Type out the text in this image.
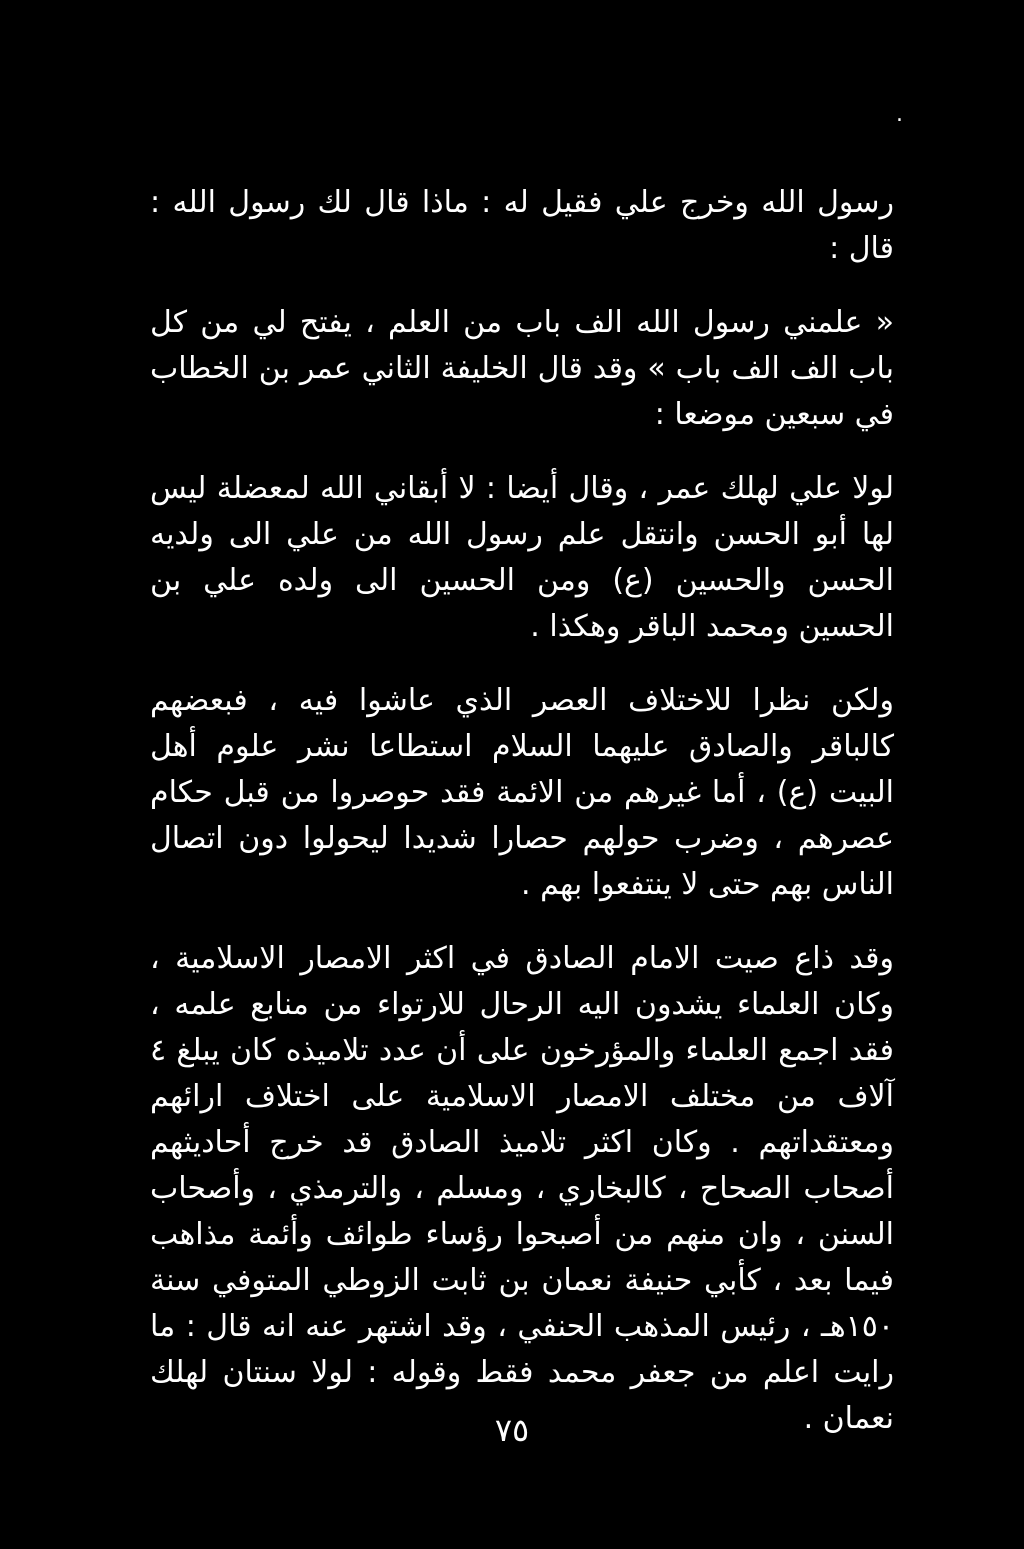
.

رسول الله وخرج علي فقيل له : ماذا قال لك رسول الله : قال :

« علمني رسول الله الف باب من العلم ، يفتح لي من كل باب الف الف باب » وقد قال الخليفة الثاني عمر بن الخطاب في سبعين موضعا :

لولا علي لهلك عمر ، وقال أيضا : لا أبقاني الله لمعضلة ليس لها أبو الحسن وانتقل علم رسول الله من علي الى ولديه الحسن والحسين (ع) ومن الحسين الى ولده علي بن الحسين ومحمد الباقر وهكذا .

ولكن نظرا للاختلاف العصر الذي عاشوا فيه ، فبعضهم كالباقر والصادق عليهما السلام استطاعا نشر علوم أهل البيت (ع) ، أما غيرهم من الائمة فقد حوصروا من قبل حكام عصرهم ، وضرب حولهم حصارا شديدا ليحولوا دون اتصال الناس بهم حتى لا ينتفعوا بهم .

وقد ذاع صيت الامام الصادق في اكثر الامصار الاسلامية ، وكان العلماء يشدون اليه الرحال للارتواء من منابع علمه ، فقد اجمع العلماء والمؤرخون على أن عدد تلاميذه كان يبلغ ٤ آلاف من مختلف الامصار الاسلامية على اختلاف ارائهم ومعتقداتهم . وكان اكثر تلاميذ الصادق قد خرج أحاديثهم أصحاب الصحاح ، كالبخاري ، ومسلم ، والترمذي ، وأصحاب السنن ، وان منهم من أصبحوا رؤساء طوائف وأئمة مذاهب فيما بعد ، كأبي حنيفة نعمان بن ثابت الزوطي المتوفي سنة ١٥٠هـ ، رئيس المذهب الحنفي ، وقد اشتهر عنه انه قال : ما رايت اعلم من جعفر محمد فقط وقوله : لولا سنتان لهلك نعمان .

٧٥
